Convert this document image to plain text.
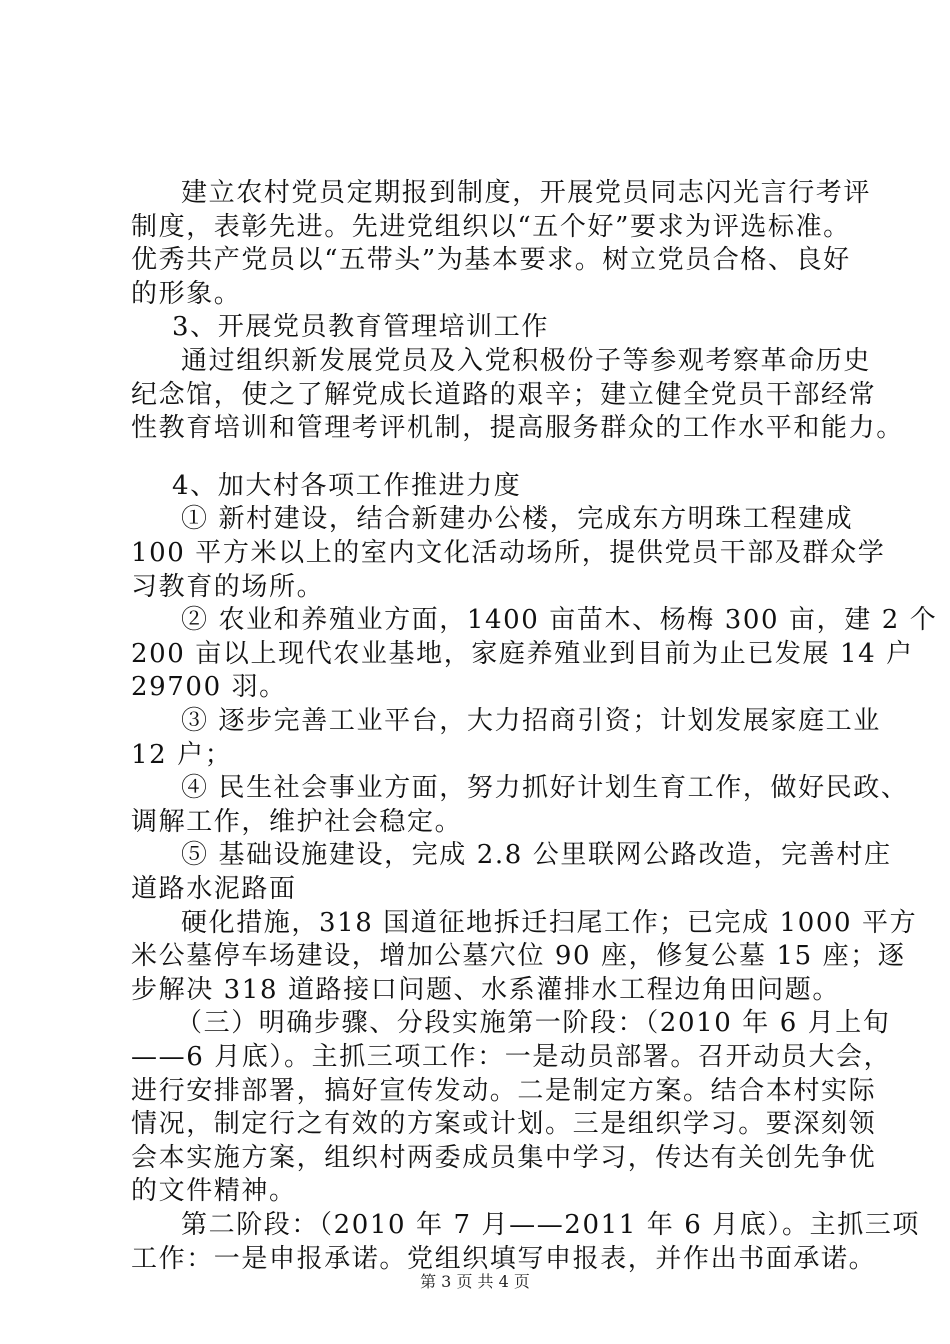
建立农村党员定期报到制度，开展党员同志闪光言行考评
制度，表彰先进。先进党组织以“五个好”要求为评选标准。
优秀共产党员以“五带头”为基本要求。树立党员合格、良好
的形象。
3、开展党员教育管理培训工作
通过组织新发展党员及入党积极份子等参观考察革命历史
纪念馆，使之了解党成长道路的艰辛；建立健全党员干部经常
性教育培训和管理考评机制，提高服务群众的工作水平和能力。
4、加大村各项工作推进力度
① 新村建设，结合新建办公楼，完成东方明珠工程建成
100 平方米以上的室内文化活动场所，提供党员干部及群众学
习教育的场所。
② 农业和养殖业方面，1400 亩苗木、杨梅 300 亩，建 2 个
200 亩以上现代农业基地，家庭养殖业到目前为止已发展 14 户
29700 羽。
③ 逐步完善工业平台，大力招商引资；计划发展家庭工业
12 户；
④ 民生社会事业方面，努力抓好计划生育工作，做好民政、
调解工作，维护社会稳定。
⑤ 基础设施建设，完成 2.8 公里联网公路改造，完善村庄
道路水泥路面
硬化措施，318 国道征地拆迁扫尾工作；已完成 1000 平方
米公墓停车场建设，增加公墓穴位 90 座，修复公墓 15 座；逐
步解决 318 道路接口问题、水系灌排水工程边角田问题。
（三）明确步骤、分段实施第一阶段：（2010 年 6 月上旬
——6 月底）。主抓三项工作：一是动员部署。召开动员大会，
进行安排部署，搞好宣传发动。二是制定方案。结合本村实际
情况，制定行之有效的方案或计划。三是组织学习。要深刻领
会本实施方案，组织村两委成员集中学习，传达有关创先争优
的文件精神。
第二阶段：（2010 年 7 月——2011 年 6 月底）。主抓三项
工作：一是申报承诺。党组织填写申报表，并作出书面承诺。
第 3 页 共 4 页
